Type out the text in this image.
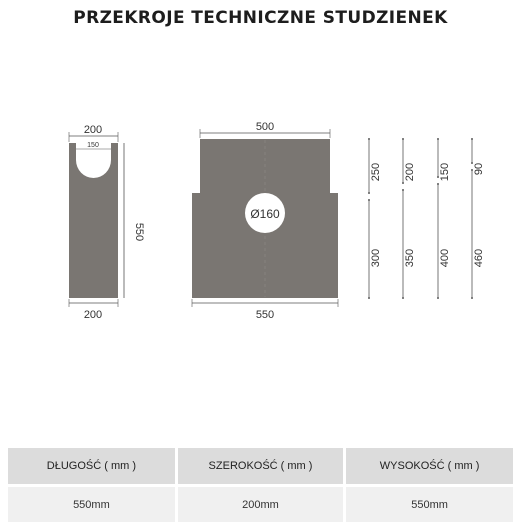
PRZEKROJE TECHNICZNE STUDZIENEK
200
150
550
200
Ø160
500
550
250
300
200
350
150
400
90
460
DŁUGOŚĆ ( mm )	SZEROKOŚĆ ( mm )	WYSOKOŚĆ ( mm )
550mm	200mm	550mm
